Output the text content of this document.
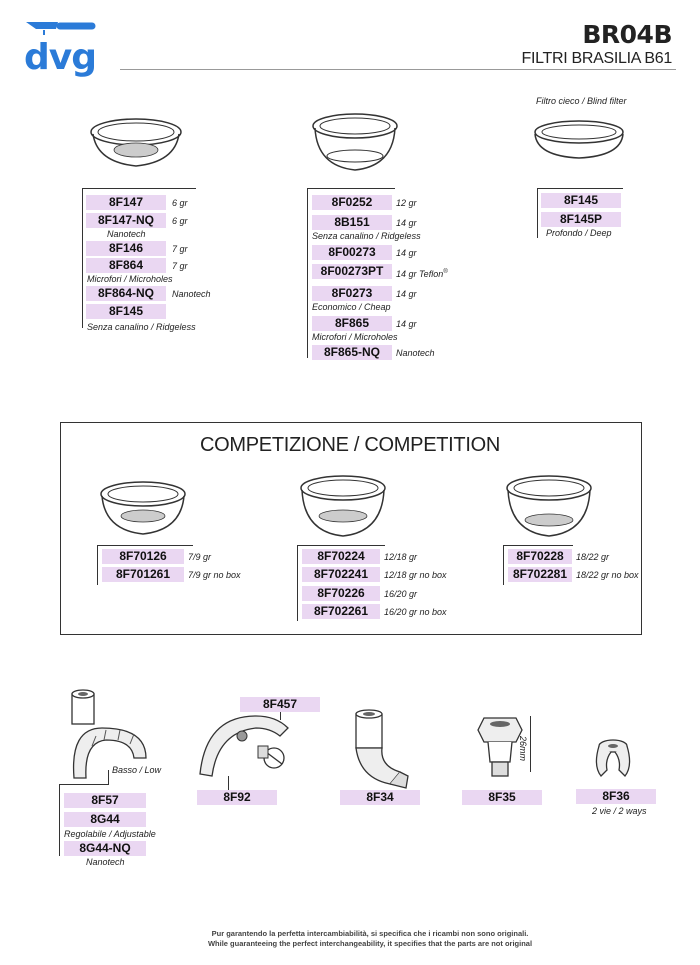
dvg
BR04B
FILTRI BRASILIA B61
8F147	6 gr
8F147-NQ	6 gr
Nanotech
8F146	7 gr
8F864	7 gr
Microfori / Microholes
8F864-NQ	Nanotech
8F145
Senza canalino / Ridgeless
8F0252	12 gr
8B151	14 gr
Senza canalino / Ridgeless
8F00273	14 gr
8F00273PT	14 gr Teflon®
8F0273	14 gr
Economico / Cheap
8F865	14 gr
Microfori / Microholes
8F865-NQ	Nanotech
Filtro cieco / Blind filter
8F145
8F145P
Profondo / Deep
COMPETIZIONE / COMPETITION
8F70126	7/9 gr
8F701261	7/9 gr no box
8F70224	12/18 gr
8F702241	12/18 gr no box
8F70226	16/20 gr
8F702261	16/20 gr no box
8F70228	18/22 gr
8F702281 18/22 gr no box
Basso / Low
8F57
8G44
Regolabile / Adjustable
8G44-NQ
Nanotech
8F457
8F92	8F34
26mm
8F35	8F36
2 vie / 2 ways
Pur garantendo la perfetta intercambiabilità, si specifica che i ricambi non sono originali.
While guaranteeing the perfect interchangeability, it specifies that the parts are not original
